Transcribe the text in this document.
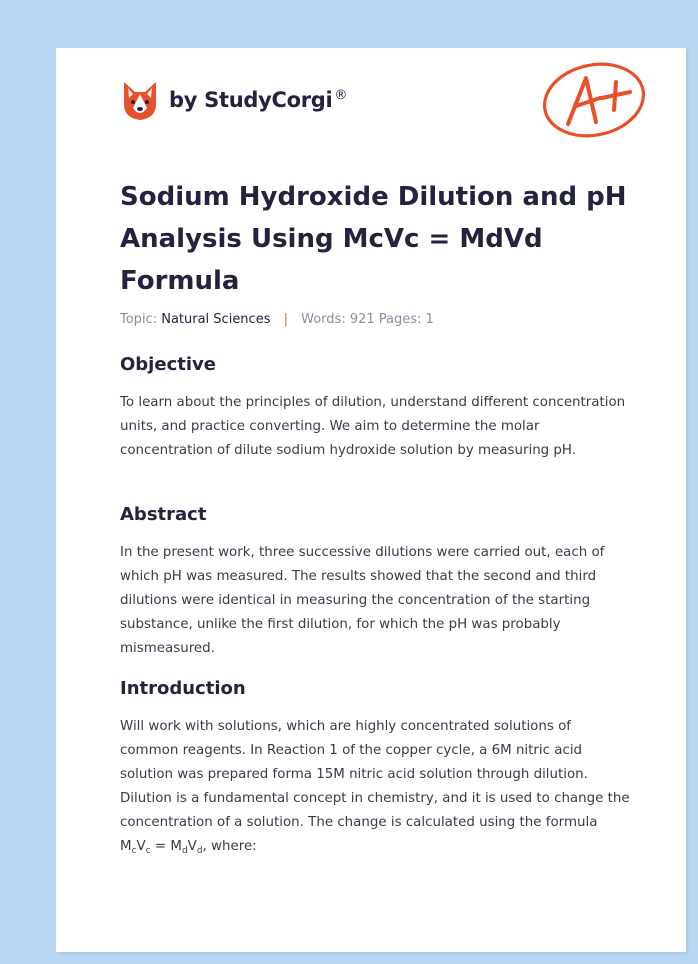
by StudyCorgi ®
Sodium Hydroxide Dilution and pH Analysis Using McVc = MdVd Formula
Topic: Natural Sciences | Words: 921 Pages: 1
Objective

To learn about the principles of dilution, understand different concentration units, and practice converting. We aim to determine the molar concentration of dilute sodium hydroxide solution by measuring pH.

Abstract

In the present work, three successive dilutions were carried out, each of which pH was measured. The results showed that the second and third dilutions were identical in measuring the concentration of the starting substance, unlike the first dilution, for which the pH was probably mismeasured.

Introduction

Will work with solutions, which are highly concentrated solutions of common reagents. In Reaction 1 of the copper cycle, a 6M nitric acid solution was prepared forma 15M nitric acid solution through dilution. Dilution is a fundamental concept in chemistry, and it is used to change the concentration of a solution. The change is calculated using the formula $M_cV_c = M_dV_d$, where:
